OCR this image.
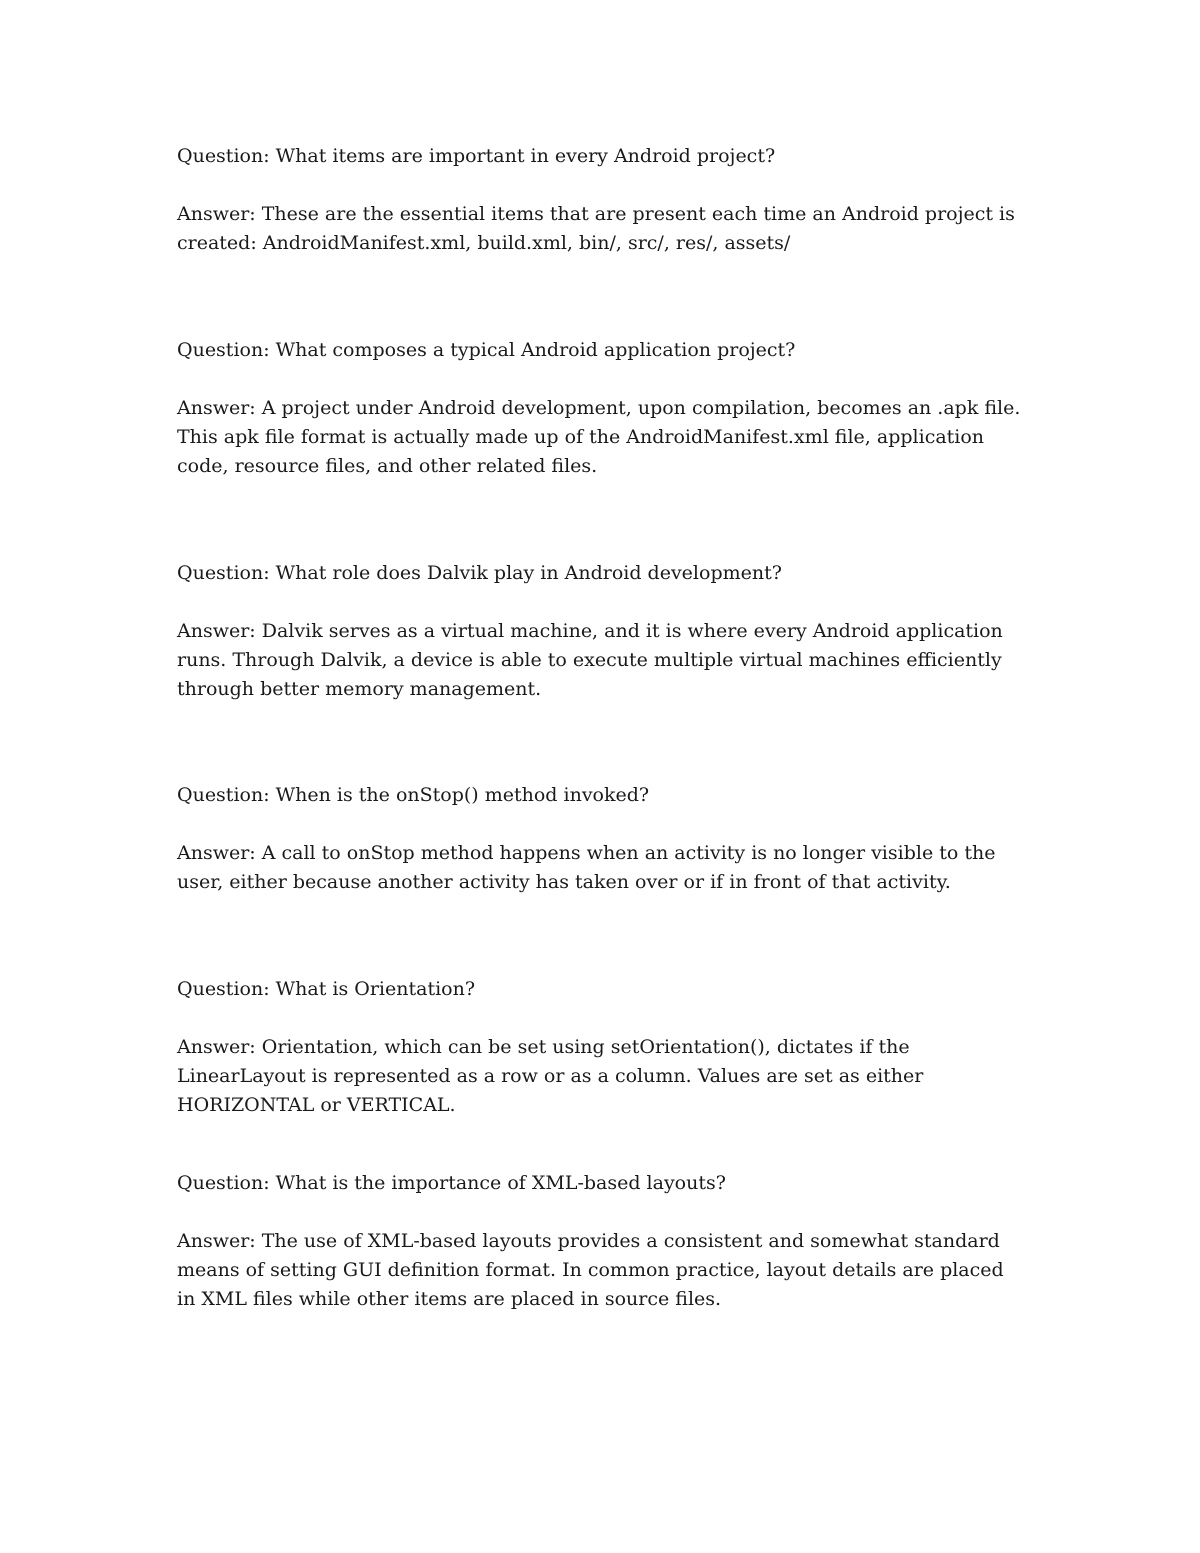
Question: What items are important in every Android project?

Answer: These are the essential items that are present each time an Android project is created: AndroidManifest.xml, build.xml, bin/, src/, res/, assets/

Question: What composes a typical Android application project?

Answer: A project under Android development, upon compilation, becomes an .apk file. This apk file format is actually made up of the AndroidManifest.xml file, application code, resource files, and other related files.

Question: What role does Dalvik play in Android development?

Answer: Dalvik serves as a virtual machine, and it is where every Android application runs. Through Dalvik, a device is able to execute multiple virtual machines efficiently through better memory management.

Question: When is the onStop() method invoked?

Answer: A call to onStop method happens when an activity is no longer visible to the user, either because another activity has taken over or if in front of that activity.

Question: What is Orientation?

Answer: Orientation, which can be set using setOrientation(), dictates if the LinearLayout is represented as a row or as a column. Values are set as either HORIZONTAL or VERTICAL.

Question: What is the importance of XML-based layouts?

Answer: The use of XML-based layouts provides a consistent and somewhat standard means of setting GUI definition format. In common practice, layout details are placed in XML files while other items are placed in source files.
